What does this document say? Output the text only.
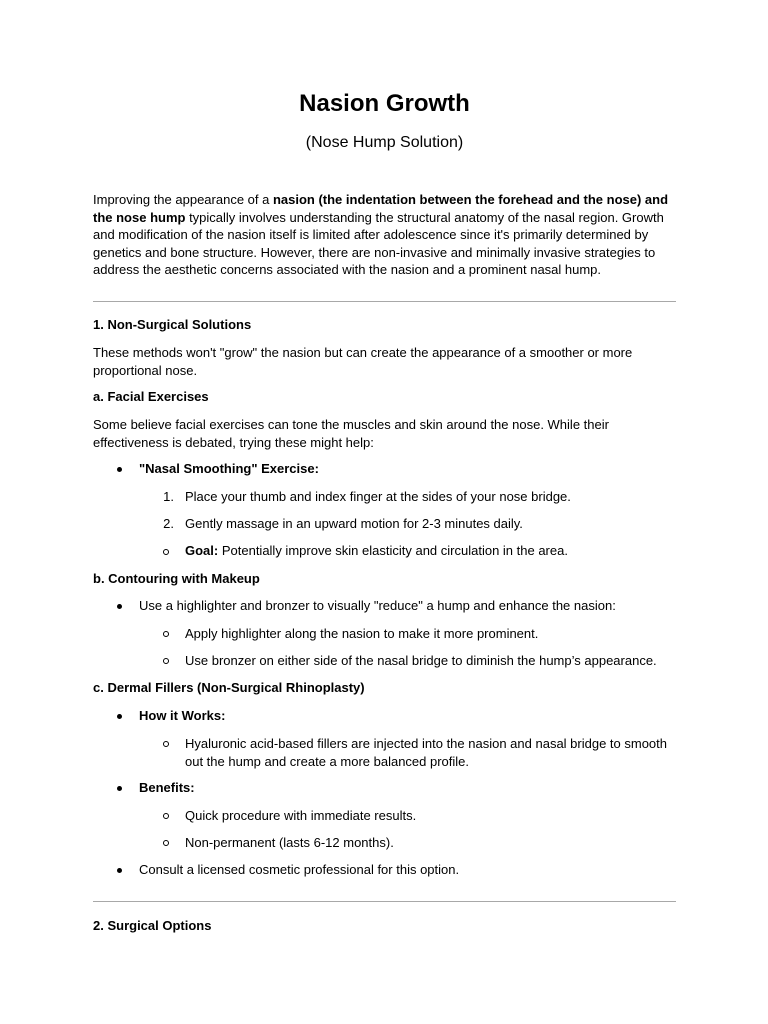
Nasion Growth
(Nose Hump Solution)
Improving the appearance of a nasion (the indentation between the forehead and the nose) and the nose hump typically involves understanding the structural anatomy of the nasal region. Growth and modification of the nasion itself is limited after adolescence since it's primarily determined by genetics and bone structure. However, there are non-invasive and minimally invasive strategies to address the aesthetic concerns associated with the nasion and a prominent nasal hump.
1. Non-Surgical Solutions
These methods won't "grow" the nasion but can create the appearance of a smoother or more proportional nose.
a. Facial Exercises
Some believe facial exercises can tone the muscles and skin around the nose. While their effectiveness is debated, trying these might help:
"Nasal Smoothing" Exercise:
1. Place your thumb and index finger at the sides of your nose bridge.
2. Gently massage in an upward motion for 2-3 minutes daily.
Goal: Potentially improve skin elasticity and circulation in the area.
b. Contouring with Makeup
Use a highlighter and bronzer to visually "reduce" a hump and enhance the nasion:
Apply highlighter along the nasion to make it more prominent.
Use bronzer on either side of the nasal bridge to diminish the hump’s appearance.
c. Dermal Fillers (Non-Surgical Rhinoplasty)
How it Works:
Hyaluronic acid-based fillers are injected into the nasion and nasal bridge to smooth out the hump and create a more balanced profile.
Benefits:
Quick procedure with immediate results.
Non-permanent (lasts 6-12 months).
Consult a licensed cosmetic professional for this option.
2. Surgical Options
